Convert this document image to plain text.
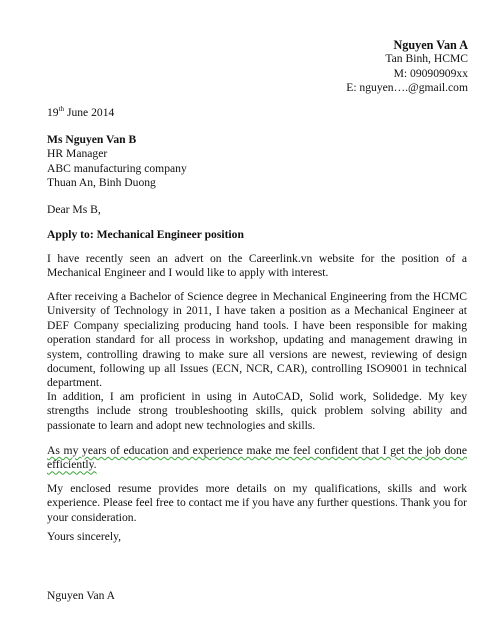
Nguyen Van A
Tan Binh, HCMC
M: 09090909xx
E: nguyen….@gmail.com
19th June 2014
Ms Nguyen Van B
HR Manager
ABC manufacturing company
Thuan An, Binh Duong
Dear Ms B,
Apply to: Mechanical Engineer position
I have recently seen an advert on the Careerlink.vn website for the position of a Mechanical Engineer and I would like to apply with interest.
After receiving a Bachelor of Science degree in Mechanical Engineering from the HCMC University of Technology in 2011, I have taken a position as a Mechanical Engineer at DEF Company specializing producing hand tools. I have been responsible for making operation standard for all process in workshop, updating and management drawing in system, controlling drawing to make sure all versions are newest, reviewing of design document, following up all Issues (ECN, NCR, CAR), controlling ISO9001 in technical department.
In addition, I am proficient in using in AutoCAD, Solid work, Solidedge. My key strengths include strong troubleshooting skills, quick problem solving ability and passionate to learn and adopt new technologies and skills.
As my years of education and experience make me feel confident that I get the job done efficiently.
My enclosed resume provides more details on my qualifications, skills and work experience. Please feel free to contact me if you have any further questions. Thank you for your consideration.
Yours sincerely,
Nguyen Van A
